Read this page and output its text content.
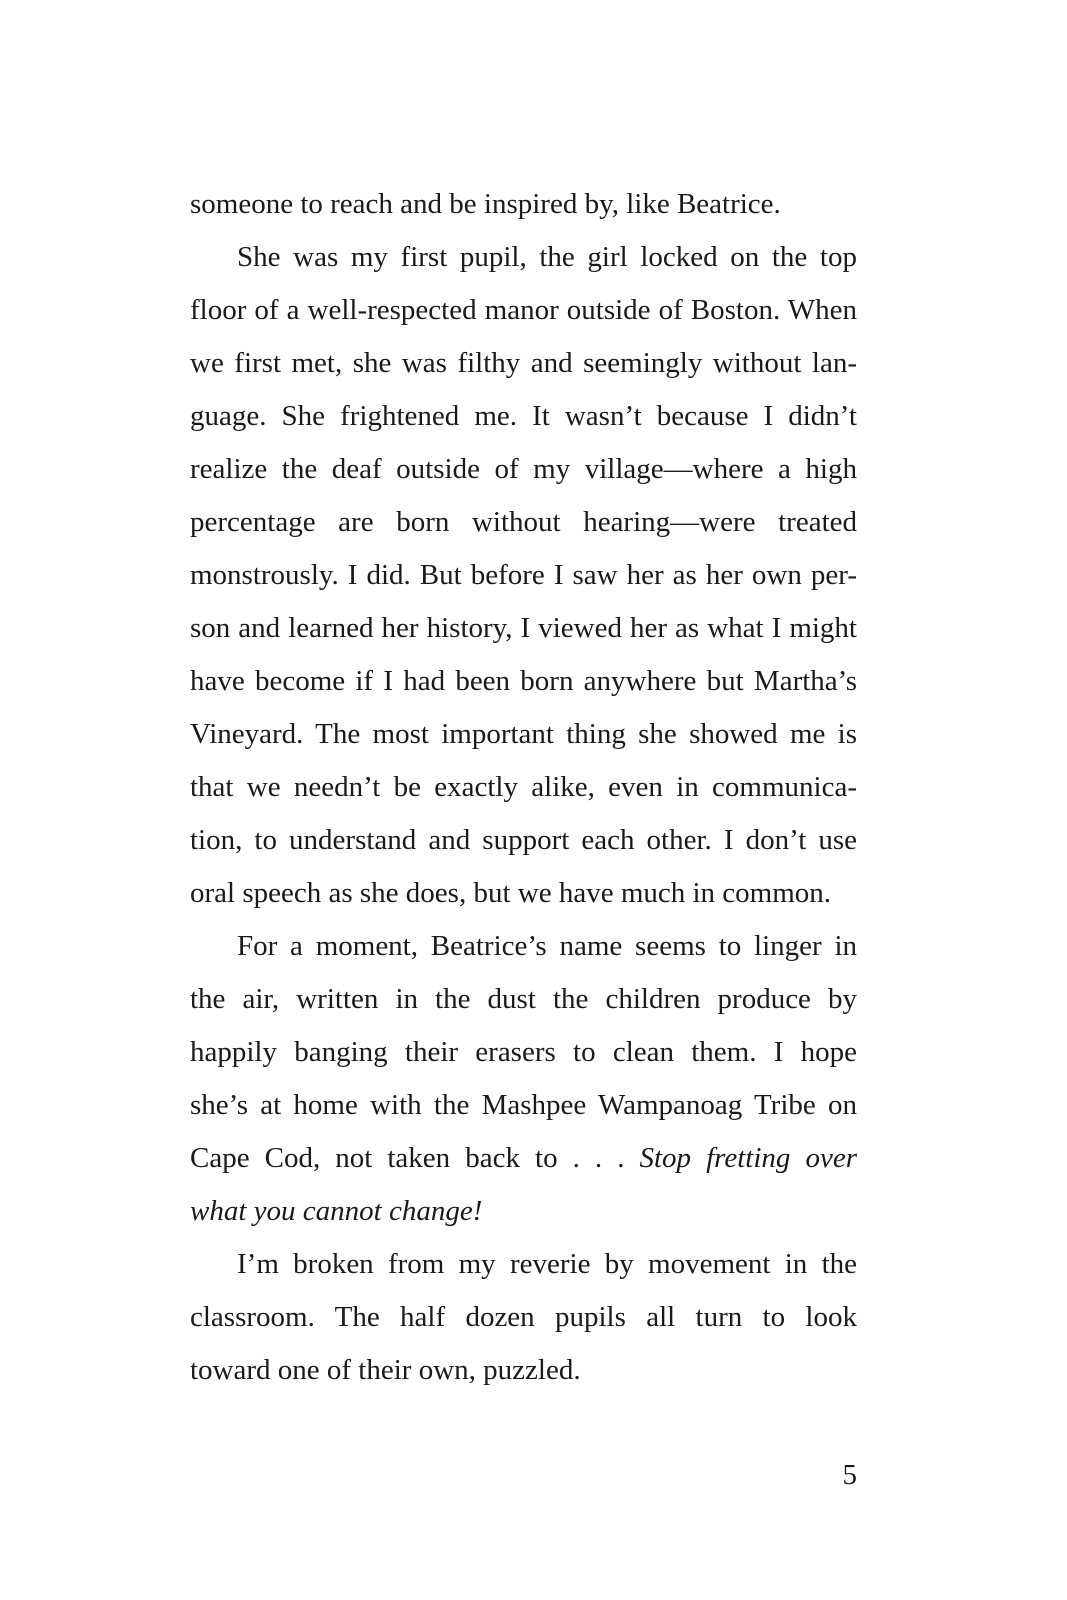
someone to reach and be inspired by, like Beatrice.
She was my first pupil, the girl locked on the top
floor of a well-respected manor outside of Boston. When
we first met, she was filthy and seemingly without lan-
guage. She frightened me. It wasn’t because I didn’t
realize the deaf outside of my village—where a high
percentage are born without hearing—were treated
monstrously. I did. But before I saw her as her own per-
son and learned her history, I viewed her as what I might
have become if I had been born anywhere but Martha’s
Vineyard. The most important thing she showed me is
that we needn’t be exactly alike, even in communica-
tion, to understand and support each other. I don’t use
oral speech as she does, but we have much in common.
For a moment, Beatrice’s name seems to linger in
the air, written in the dust the children produce by
happily banging their erasers to clean them. I hope
she’s at home with the Mashpee Wampanoag Tribe on
Cape Cod, not taken back to . . . Stop fretting over
what you cannot change!
I’m broken from my reverie by movement in the
classroom. The half dozen pupils all turn to look
toward one of their own, puzzled.
5
